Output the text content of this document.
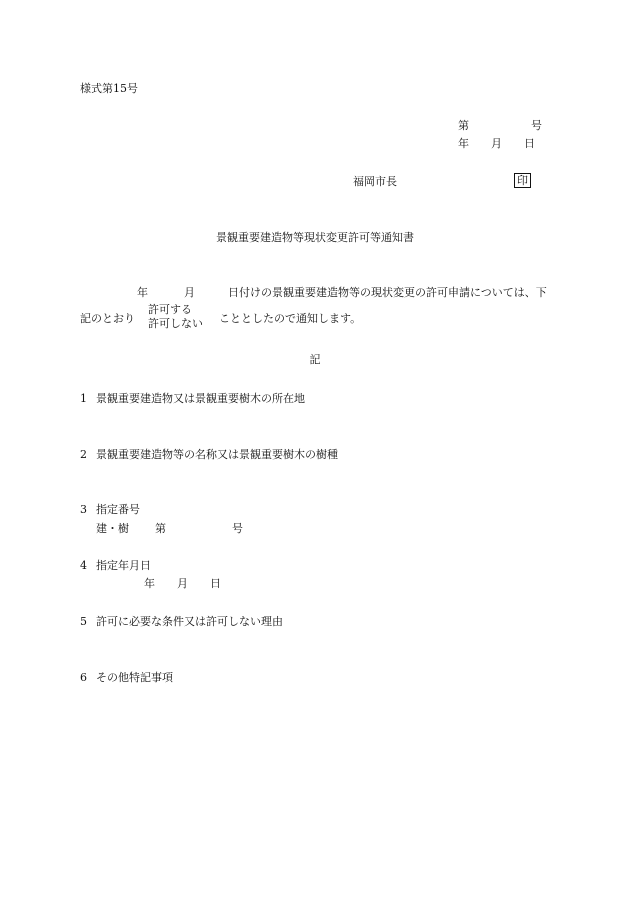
様式第15号
第	号
年 月 日
福岡市長	印
景観重要建造物等現状変更許可等通知書
年	月	日付けの景観重要建造物等の現状変更の許可申請については、下
記のとおり
許可する
許可しない こととしたので通知します。
記
1 景観重要建造物又は景観重要樹木の所在地
2 景観重要建造物等の名称又は景観重要樹木の樹種
3 指定番号
建・樹 第	号
4 指定年月日
年 月 日
5 許可に必要な条件又は許可しない理由
6 その他特記事項
